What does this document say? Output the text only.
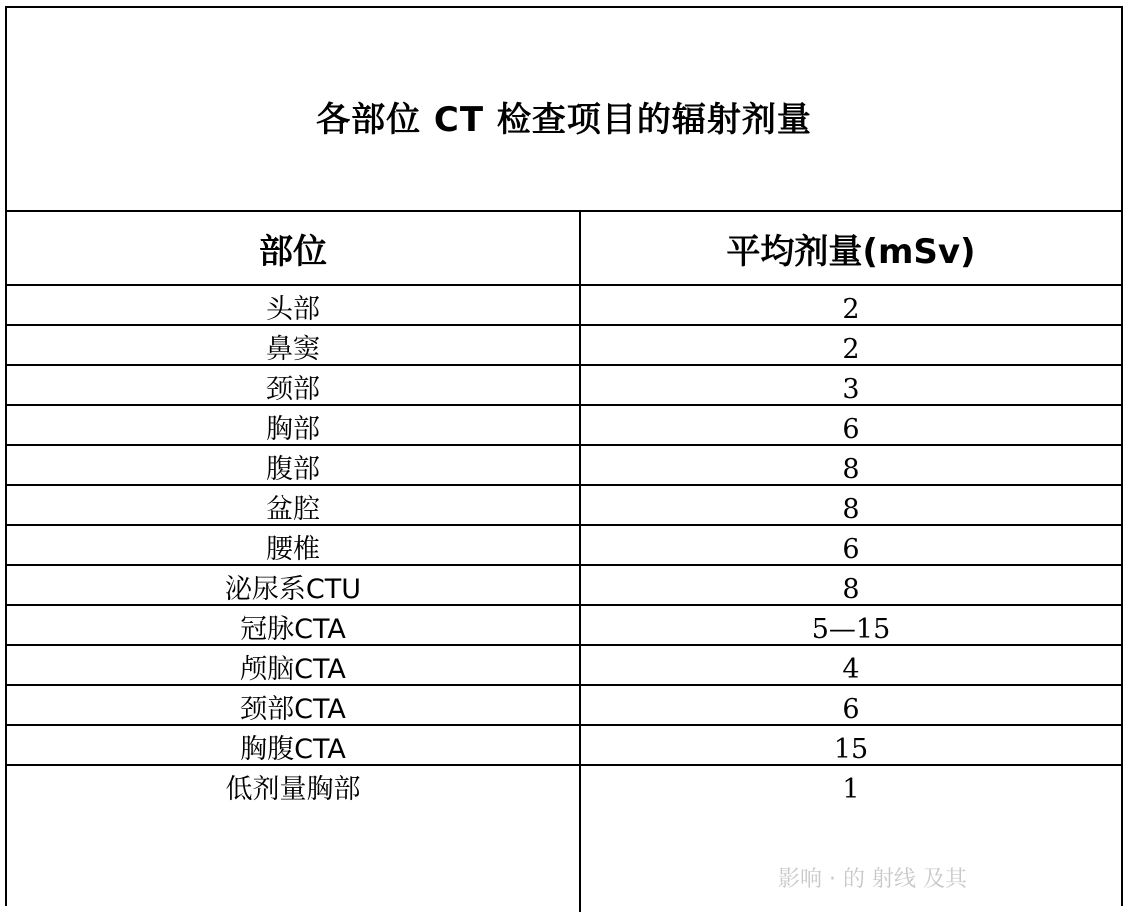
各部位 CT 检查项目的辐射剂量
部位	平均剂量(mSv)
头部	2
鼻窦	2
颈部	3
胸部	6
腹部	8
盆腔	8
腰椎	6
泌尿系CTU	8
冠脉CTA	5—15
颅脑CTA	4
颈部CTA	6
胸腹CTA	15
低剂量胸部	1
影响 · 的 射线 及其
